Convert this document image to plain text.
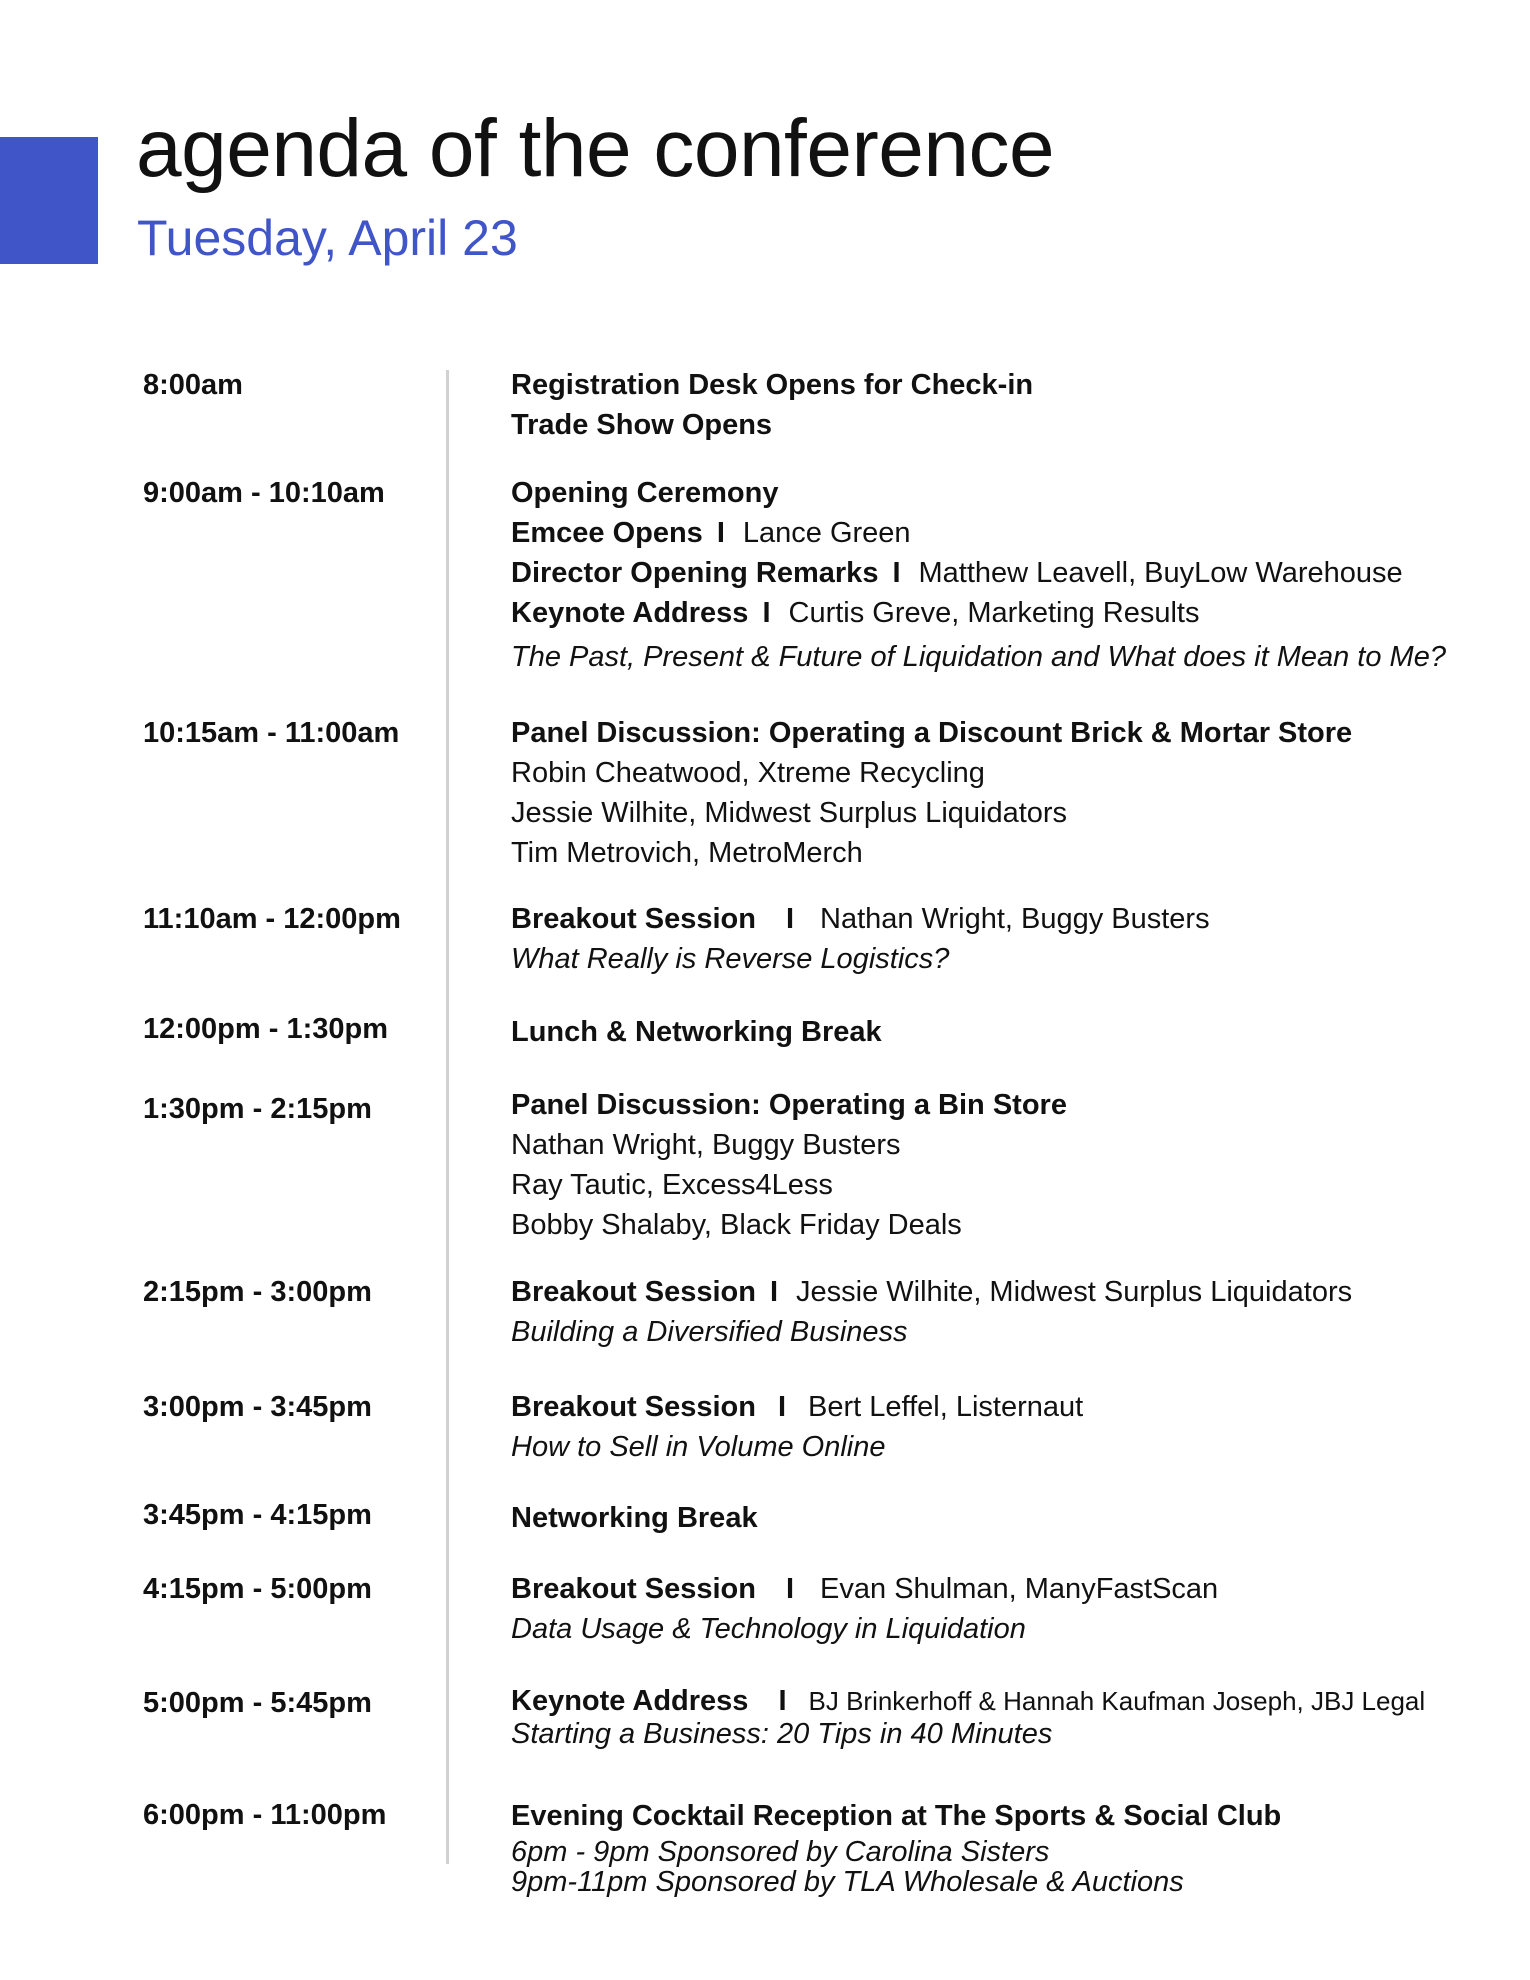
agenda of the conference
Tuesday, April 23
8:00am	Registration Desk Opens for Check-in
Trade Show Opens
9:00am - 10:10am	Opening Ceremony
Emcee Opens I Lance Green
Director Opening Remarks I Matthew Leavell, BuyLow Warehouse
Keynote Address I Curtis Greve, Marketing Results
The Past, Present & Future of Liquidation and What does it Mean to Me?
10:15am - 11:00am	Panel Discussion: Operating a Discount Brick & Mortar Store
Robin Cheatwood, Xtreme Recycling
Jessie Wilhite, Midwest Surplus Liquidators
Tim Metrovich, MetroMerch
11:10am - 12:00pm	Breakout Session I Nathan Wright, Buggy Busters
What Really is Reverse Logistics?
12:00pm - 1:30pm	Lunch & Networking Break
1:30pm - 2:15pm	Panel Discussion: Operating a Bin Store
Nathan Wright, Buggy Busters
Ray Tautic, Excess4Less
Bobby Shalaby, Black Friday Deals
2:15pm - 3:00pm	Breakout Session I Jessie Wilhite, Midwest Surplus Liquidators
Building a Diversified Business
3:00pm - 3:45pm	Breakout Session I Bert Leffel, Listernaut
How to Sell in Volume Online
3:45pm - 4:15pm	Networking Break
4:15pm - 5:00pm	Breakout Session I Evan Shulman, ManyFastScan
Data Usage & Technology in Liquidation
5:00pm - 5:45pm	Keynote Address I BJ Brinkerhoff & Hannah Kaufman Joseph, JBJ Legal
Starting a Business: 20 Tips in 40 Minutes
6:00pm - 11:00pm	Evening Cocktail Reception at The Sports & Social Club
6pm - 9pm Sponsored by Carolina Sisters
9pm-11pm Sponsored by TLA Wholesale & Auctions
